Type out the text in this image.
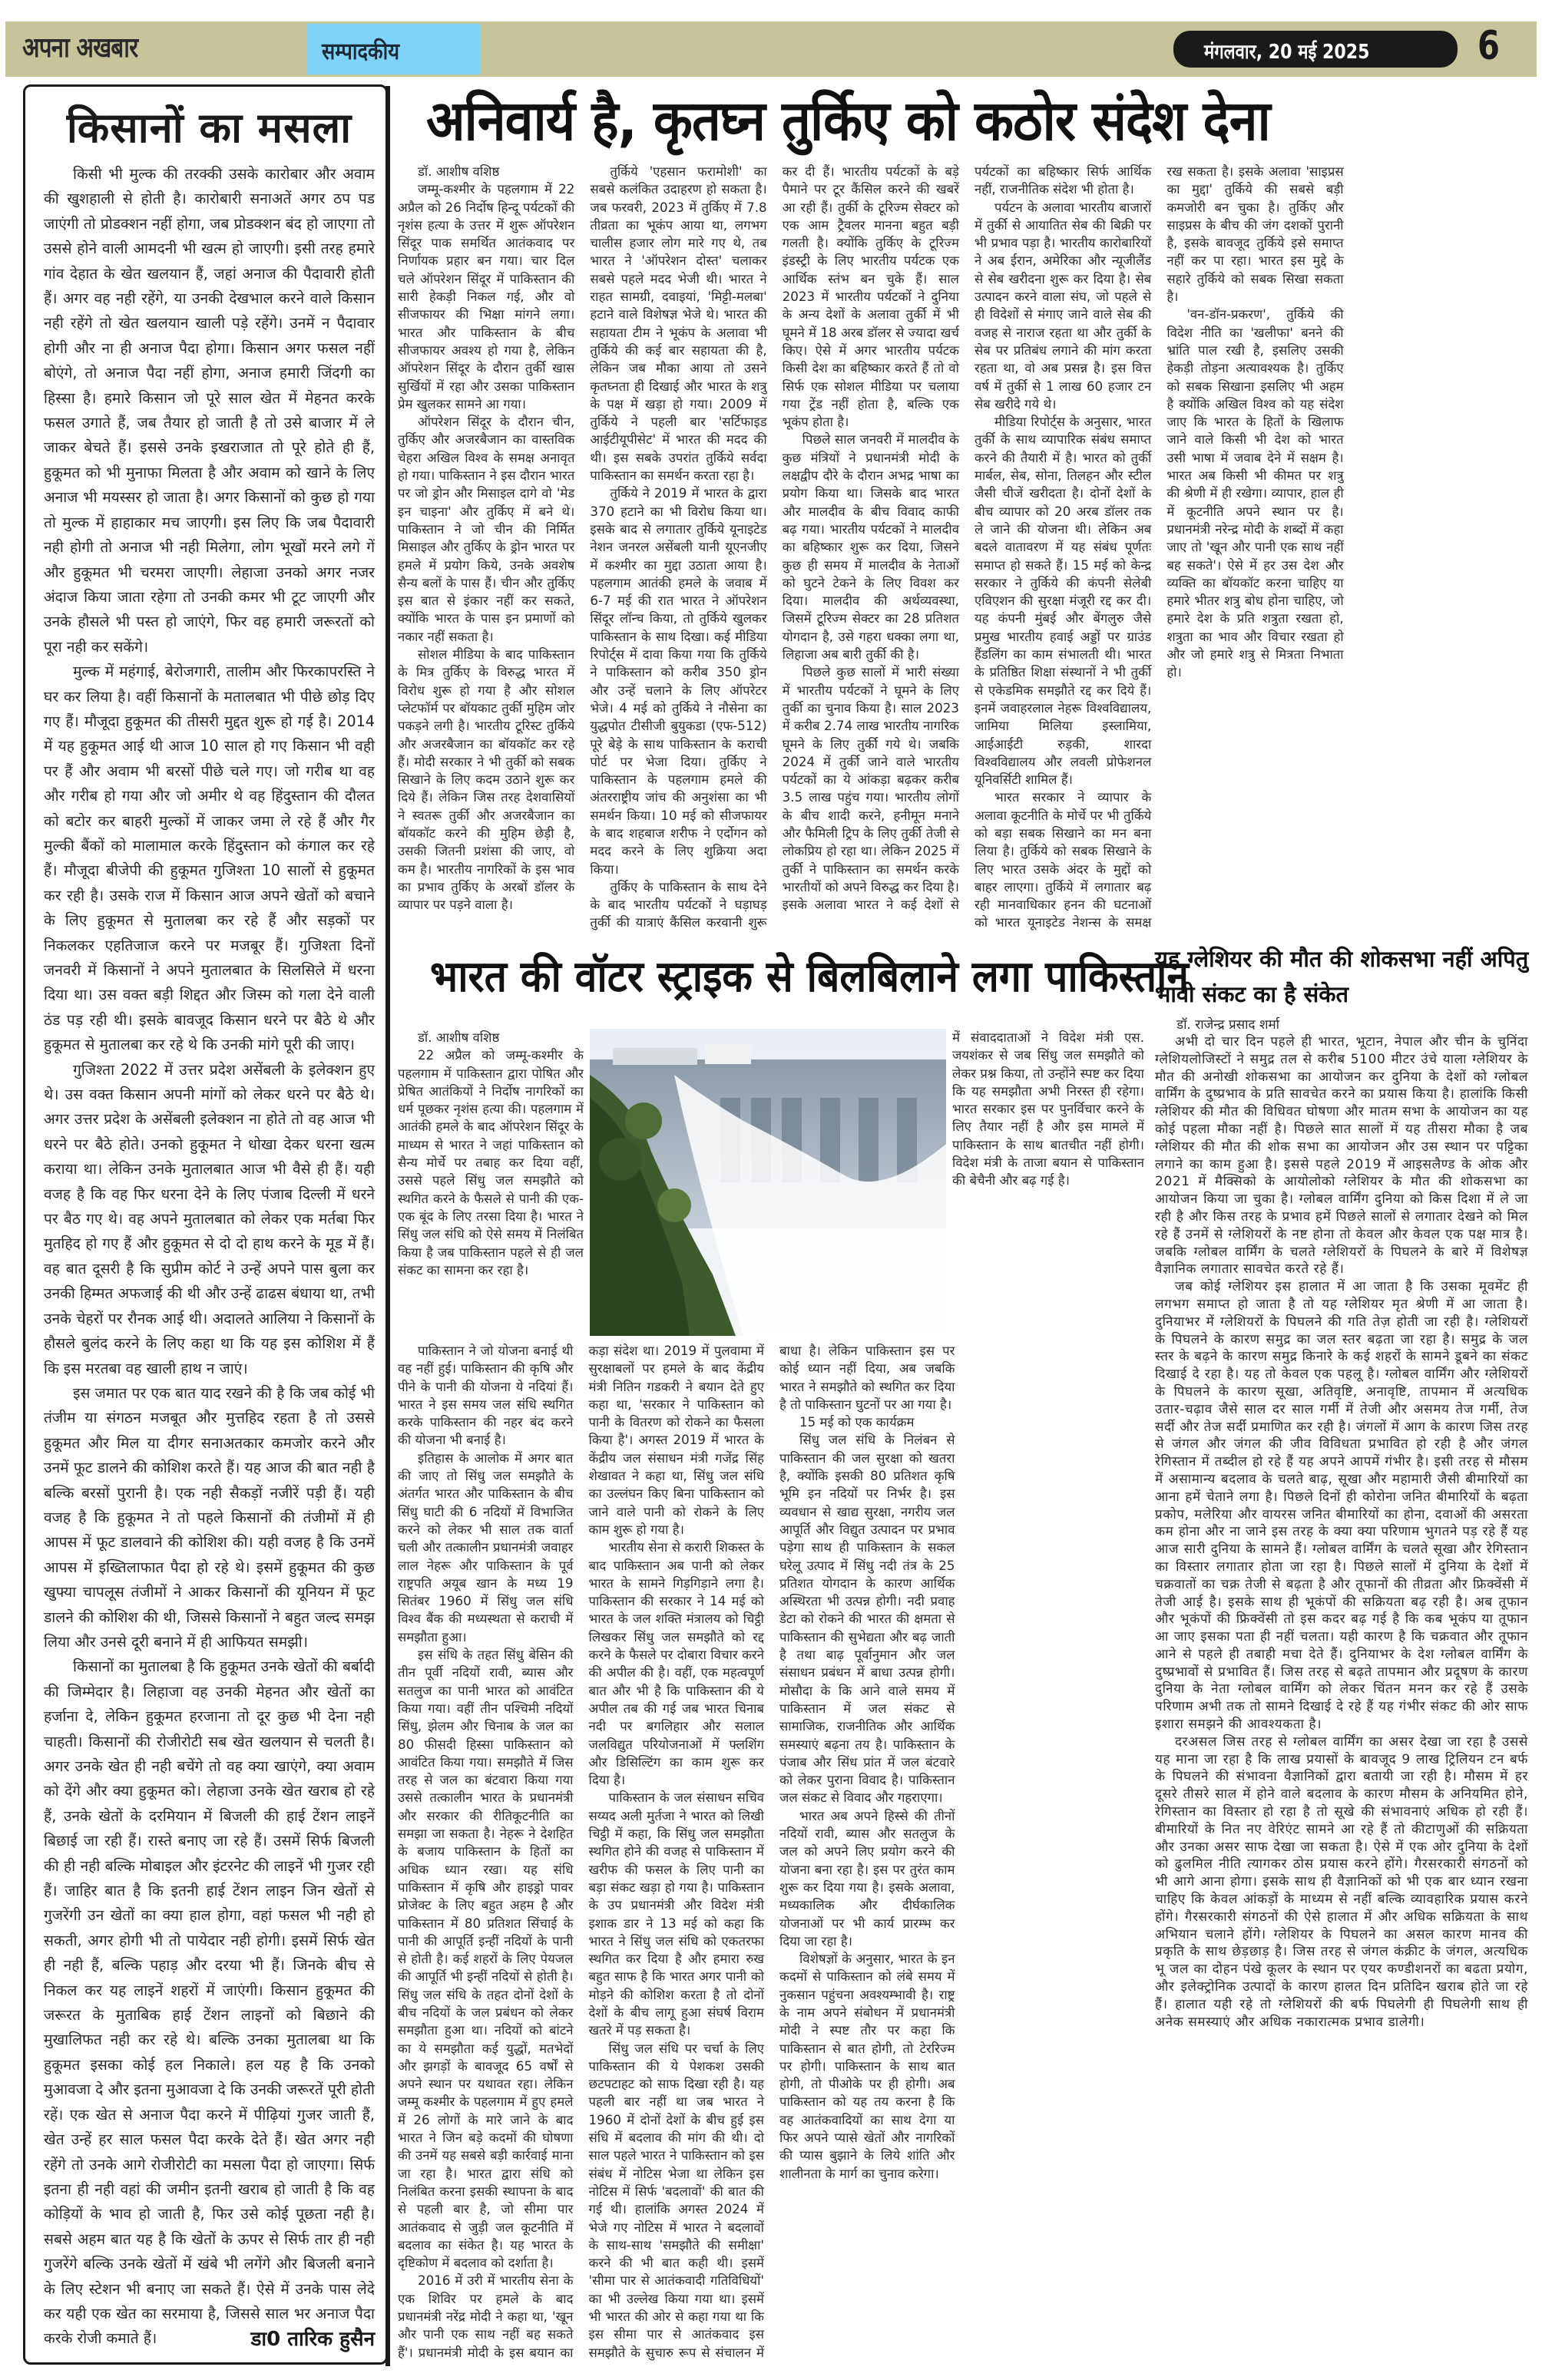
अपना अखबार	सम्पादकीय	मंगलवार, 20 मई 2025	6
किसानों का मसला

किसी भी मुल्क की तरक्की उसके कारोबार और अवाम की खुशहाली से होती है। कारोबारी सनाअतें अगर ठप पड जाएंगी तो प्रोडक्शन नहीं होगा, जब प्रोडक्शन बंद हो जाएगा तो उससे होने वाली आमदनी भी खत्म हो जाएगी। इसी तरह हमारे गांव देहात के खेत खलयान हैं, जहां अनाज की पैदावारी होती हैं। अगर वह नही रहेंगे, या उनकी देखभाल करने वाले किसान नही रहेंगे तो खेत खलयान खाली पड़े रहेंगे। उनमें न पैदावार होगी और ना ही अनाज पैदा होगा। किसान अगर फसल नहीं बोएंगे, तो अनाज पैदा नहीं होगा, अनाज हमारी जिंदगी का हिस्सा है। हमारे किसान जो पूरे साल खेत में मेहनत करके फसल उगाते हैं, जब तैयार हो जाती है तो उसे बाजार में ले जाकर बेचते हैं। इससे उनके इखराजात तो पूरे होते ही हैं, हुकूमत को भी मुनाफा मिलता है और अवाम को खाने के लिए अनाज भी मयस्सर हो जाता है। अगर किसानों को कुछ हो गया तो मुल्क में हाहाकार मच जाएगी। इस लिए कि जब पैदावारी नही होगी तो अनाज भी नही मिलेगा, लोग भूखों मरने लगे गें और हुकूमत भी चरमरा जाएगी। लेहाजा उनको अगर नजर अंदाज किया जाता रहेगा तो उनकी कमर भी टूट जाएगी और उनके हौसले भी पस्त हो जाएंगे, फिर वह हमारी जरूरतों को पूरा नही कर सकेंगे।

मुल्क में महंगाई, बेरोजगारी, तालीम और फिरकापरस्ति ने घर कर लिया है। वहीं किसानों के मतालबात भी पीछे छोड़ दिए गए हैं। मौजूदा हुकूमत की तीसरी मुद्दत शुरू हो गई है। 2014 में यह हुकूमत आई थी आज 10 साल हो गए किसान भी वही पर हैं और अवाम भी बरसों पीछे चले गए। जो गरीब था वह और गरीब हो गया और जो अमीर थे वह हिंदुस्तान की दौलत को बटोर कर बाहरी मुल्कों में जाकर जमा ले रहे हैं और गैर मुल्की बैंकों को मालामाल करके हिंदुस्तान को कंगाल कर रहे हैं। मौजूदा बीजेपी की हुकूमत गुजिश्ता 10 सालों से हुकूमत कर रही है। उसके राज में किसान आज अपने खेतों को बचाने के लिए हुकूमत से मुतालबा कर रहे हैं और सड़कों पर निकलकर एहतिजाज करने पर मजबूर हैं। गुजिश्ता दिनों जनवरी में किसानों ने अपने मुतालबात के सिलसिले में धरना दिया था। उस वक्त बड़ी शिद्दत और जिस्म को गला देने वाली ठंड पड़ रही थी। इसके बावजूद किसान धरने पर बैठे थे और हुकूमत से मुतालबा कर रहे थे कि उनकी मांगे पूरी की जाए।

गुजिश्ता 2022 में उत्तर प्रदेश असेंबली के इलेक्शन हुए थे। उस वक्त किसान अपनी मांगों को लेकर धरने पर बैठे थे। अगर उत्तर प्रदेश के असेंबली इलेक्शन ना होते तो वह आज भी धरने पर बैठे होते। उनको हुकूमत ने धोखा देकर धरना खत्म कराया था। लेकिन उनके मुतालबात आज भी वैसे ही हैं। यही वजह है कि वह फिर धरना देने के लिए पंजाब दिल्ली में धरने पर बैठ गए थे। वह अपने मुतालबात को लेकर एक मर्तबा फिर मुतहिद हो गए हैं और हुकूमत से दो दो हाथ करने के मूड में हैं। वह बात दूसरी है कि सुप्रीम कोर्ट ने उन्हें अपने पास बुला कर उनकी हिम्मत अफजाई की थी और उन्हें ढाढस बंधाया था, तभी उनके चेहरों पर रौनक आई थी। अदालते आलिया ने किसानों के हौसले बुलंद करने के लिए कहा था कि यह इस कोशिश में हैं कि इस मरतबा वह खाली हाथ न जाएं।

इस जमात पर एक बात याद रखने की है कि जब कोई भी तंजीम या संगठन मजबूत और मुत्तहिद रहता है तो उससे हुकूमत और मिल या दीगर सनाअतकार कमजोर करने और उनमें फूट डालने की कोशिश करते हैं। यह आज की बात नही है बल्कि बरसों पुरानी है। एक नही सैकड़ों नजीरें पड़ी हैं। यही वजह है कि हुकूमत ने तो पहले किसानों की तंजीमों में ही आपस में फूट डालवाने की कोशिश की। यही वजह है कि उनमें आपस में इख्तिलाफात पैदा हो रहे थे। इसमें हुकूमत की कुछ खुफ्या चापलूस तंजीमों ने आकर किसानों की यूनियन में फूट डालने की कोशिश की थी, जिससे किसानों ने बहुत जल्द समझ लिया और उनसे दूरी बनाने में ही आफियत समझी।

किसानों का मुतालबा है कि हुकूमत उनके खेतों की बर्बादी की जिम्मेदार है। लिहाजा वह उनकी मेहनत और खेतों का हर्जाना दे, लेकिन हुकूमत हरजाना तो दूर कुछ भी देना नही चाहती। किसानों की रोजीरोटी सब खेत खलयान से चलती है। अगर उनके खेत ही नही बचेंगे तो वह क्या खाएंगे, क्या अवाम को देंगे और क्या हुकूमत को। लेहाजा उनके खेत खराब हो रहे हैं, उनके खेतों के दरमियान में बिजली की हाई टेंशन लाइनें बिछाई जा रही हैं। रास्ते बनाए जा रहे हैं। उसमें सिर्फ बिजली की ही नही बल्कि मोबाइल और इंटरनेट की लाइनें भी गुजर रही हैं। जाहिर बात है कि इतनी हाई टेंशन लाइन जिन खेतों से गुजरेंगी उन खेतों का क्या हाल होगा, वहां फसल भी नही हो सकती, अगर होगी भी तो पायेदार नही होगी। इसमें सिर्फ खेत ही नही हैं, बल्कि पहाड़ और दरया भी हैं। जिनके बीच से निकल कर यह लाइनें शहरों में जाएंगी। किसान हुकूमत की जरूरत के मुताबिक हाई टेंशन लाइनों को बिछाने की मुखालिफत नही कर रहे थे। बल्कि उनका मुतालबा था कि हुकूमत इसका कोई हल निकाले। हल यह है कि उनको मुआवजा दे और इतना मुआवजा दे कि उनकी जरूरतें पूरी होती रहें। एक खेत से अनाज पैदा करने में पीढ़ियां गुजर जाती हैं, खेत उन्हें हर साल फसल पैदा करके देते हैं। खेत अगर नही रहेंगे तो उनके आगे रोजीरोटी का मसला पैदा हो जाएगा। सिर्फ इतना ही नही वहां की जमीन इतनी खराब हो जाती है कि वह कोड़ियों के भाव हो जाती है, फिर उसे कोई पूछता नही है। सबसे अहम बात यह है कि खेतों के ऊपर से सिर्फ तार ही नही गुजरेंगे बल्कि उनके खेतों में खंबे भी लगेंगे और बिजली बनाने के लिए स्टेशन भी बनाए जा सकते हैं। ऐसे में उनके पास लेदे कर यही एक खेत का सरमाया है, जिससे साल भर अनाज पैदा करके रोजी कमाते हैं।	डा0 तारिक हुसैन
अनिवार्य है, कृतघ्न तुर्किए को कठोर संदेश देना

डॉ. आशीष वशिष्ठ

जम्मू-कश्मीर के पहलगाम में 22 अप्रैल को 26 निर्दोष हिन्दू पर्यटकों की नृशंस हत्या के उत्तर में शुरू ऑपरेशन सिंदूर पाक समर्थित आतंकवाद पर निर्णायक प्रहार बन गया। चार दिल चले ऑपरेशन सिंदूर में पाकिस्तान की सारी हेकड़ी निकल गई, और वो सीजफायर की भिक्षा मांगने लगा। भारत और पाकिस्तान के बीच सीजफायर अवश्य हो गया है, लेकिन ऑपरेशन सिंदूर के दौरान तुर्की खास सुर्खियों में रहा और उसका पाकिस्तान प्रेम खुलकर सामने आ गया।

ऑपरेशन सिंदूर के दौरान चीन, तुर्किए और अजरबैजान का वास्तविक चेहरा अखिल विश्व के समक्ष अनावृत हो गया। पाकिस्तान ने इस दौरान भारत पर जो ड्रोन और मिसाइल दागे वो 'मेड इन चाइना' और तुर्किए में बने थे। पाकिस्तान ने जो चीन की निर्मित मिसाइल और तुर्किए के ड्रोन भारत पर हमले में प्रयोग किये, उनके अवशेष सैन्य बलों के पास हैं। चीन और तुर्किए इस बात से इंकार नहीं कर सकते, क्योंकि भारत के पास इन प्रमाणों को नकार नहीं सकता है।

सोशल मीडिया के बाद पाकिस्तान के मित्र तुर्किए के विरुद्ध भारत में विरोध शुरू हो गया है और सोशल प्लेटफॉर्म पर बॉयकाट तुर्की मुहिम जोर पकड़ने लगी है। भारतीय टूरिस्ट तुर्किये और अजरबैजान का बॉयकॉट कर रहे हैं। मोदी सरकार ने भी तुर्की को सबक सिखाने के लिए कदम उठाने शुरू कर दिये हैं। लेकिन जिस तरह देशवासियों ने स्वतरू तुर्की और अजरबैजान का बॉयकॉट करने की मुहिम छेड़ी है, उसकी जितनी प्रशंसा की जाए, वो कम है। भारतीय नागरिकों के इस भाव का प्रभाव तुर्किए के अरबों डॉलर के व्यापार पर पड़ने वाला है।

तुर्किये 'एहसान फरामोशी' का सबसे कलंकित उदाहरण हो सकता है। जब फरवरी, 2023 में तुर्किए में 7.8 तीव्रता का भूकंप आया था, लगभग चालीस हजार लोग मारे गए थे, तब भारत ने 'ऑपरेशन दोस्त' चलाकर सबसे पहले मदद भेजी थी। भारत ने राहत सामग्री, दवाइयां, 'मिट्टी-मलबा' हटाने वाले विशेषज्ञ भेजे थे। भारत की सहायता टीम ने भूकंप के अलावा भी तुर्किये की कई बार सहायता की है, लेकिन जब मौका आया तो उसने कृतघ्नता ही दिखाई और भारत के शत्रु के पक्ष में खड़ा हो गया। 2009 में तुर्किये ने पहली बार 'सर्टिफाइड आईटीयूपीसेट' में भारत की मदद की थी। इस सबके उपरांत तुर्किये सर्वदा पाकिस्तान का समर्थन करता रहा है।

तुर्किये ने 2019 में भारत के द्वारा 370 हटाने का भी विरोध किया था। इसके बाद से लगातार तुर्किये यूनाइटेड नेशन जनरल असेंबली यानी यूएनजीए में कश्मीर का मुद्दा उठाता आया है। पहलगाम आतंकी हमले के जवाब में 6-7 मई की रात भारत ने ऑपरेशन सिंदूर लॉन्च किया, तो तुर्किये खुलकर पाकिस्तान के साथ दिखा। कई मीडिया रिपोर्ट्स में दावा किया गया कि तुर्किये ने पाकिस्तान को करीब 350 ड्रोन और उन्हें चलाने के लिए ऑपरेटर भेजे। 4 मई को तुर्किये ने नौसेना का युद्धपोत टीसीजी बुयुकडा (एफ-512) पूरे बेड़े के साथ पाकिस्तान के कराची पोर्ट पर भेजा दिया। तुर्किए ने पाकिस्तान के पहलगाम हमले की अंतरराष्ट्रीय जांच की अनुशंसा का भी समर्थन किया। 10 मई को सीजफायर के बाद शहबाज शरीफ ने एर्दोगन को मदद करने के लिए शुक्रिया अदा किया।

तुर्किए के पाकिस्तान के साथ देने के बाद भारतीय पर्यटकों ने घड़ाघड़ तुर्की की यात्राएं कैंसिल करवानी शुरू कर दी हैं। भारतीय पर्यटकों के बड़े पैमाने पर टूर कैंसिल करने की खबरें आ रही हैं। तुर्की के टूरिज्म सेक्टर को एक आम ट्रैवलर मानना बहुत बड़ी गलती है। क्योंकि तुर्किए के टूरिज्म इंडस्ट्री के लिए भारतीय पर्यटक एक आर्थिक स्तंभ बन चुके हैं। साल 2023 में भारतीय पर्यटकों ने दुनिया के अन्य देशों के अलावा तुर्की में भी घूमने में 18 अरब डॉलर से ज्यादा खर्च किए। ऐसे में अगर भारतीय पर्यटक किसी देश का बहिष्कार करते हैं तो वो सिर्फ एक सोशल मीडिया पर चलाया गया ट्रेंड नहीं होता है, बल्कि एक भूकंप होता है।

पिछले साल जनवरी में मालदीव के कुछ मंत्रियों ने प्रधानमंत्री मोदी के लक्षद्वीप दौरे के दौरान अभद्र भाषा का प्रयोग किया था। जिसके बाद भारत और मालदीव के बीच विवाद काफी बढ़ गया। भारतीय पर्यटकों ने मालदीव का बहिष्कार शुरू कर दिया, जिसने कुछ ही समय में मालदीव के नेताओं को घुटने टेकने के लिए विवश कर दिया। मालदीव की अर्थव्यवस्था, जिसमें टूरिज्म सेक्टर का 28 प्रतिशत योगदान है, उसे गहरा धक्का लगा था, लिहाजा अब बारी तुर्की की है।

पिछले कुछ सालों में भारी संख्या में भारतीय पर्यटकों ने घूमने के लिए तुर्की का चुनाव किया है। साल 2023 में करीब 2.74 लाख भारतीय नागरिक घूमने के लिए तुर्की गये थे। जबकि 2024 में तुर्की जाने वाले भारतीय पर्यटकों का ये आंकड़ा बढ़कर करीब 3.5 लाख पहुंच गया। भारतीय लोगों के बीच शादी करने, हनीमून मनाने और फैमिली ट्रिप के लिए तुर्की तेजी से लोकप्रिय हो रहा था। लेकिन 2025 में तुर्की ने पाकिस्तान का समर्थन करके भारतीयों को अपने विरुद्ध कर दिया है। इसके अलावा भारत ने कई देशों से पर्यटकों का बहिष्कार सिर्फ आर्थिक नहीं, राजनीतिक संदेश भी होता है।

पर्यटन के अलावा भारतीय बाजारों में तुर्की से आयातित सेब की बिक्री पर भी प्रभाव पड़ा है। भारतीय कारोबारियों ने अब ईरान, अमेरिका और न्यूजीलैंड से सेब खरीदना शुरू कर दिया है। सेब उत्पादन करने वाला संघ, जो पहले से ही विदेशों से मंगाए जाने वाले सेब की वजह से नाराज रहता था और तुर्की के सेब पर प्रतिबंध लगाने की मांग करता रहता था, वो अब प्रसन्न है। इस वित्त वर्ष में तुर्की से 1 लाख 60 हजार टन सेब खरीदे गये थे।

मीडिया रिपोर्ट्स के अनुसार, भारत तुर्की के साथ व्यापारिक संबंध समाप्त करने की तैयारी में है। भारत को तुर्की मार्बल, सेब, सोना, तिलहन और स्टील जैसी चीजें खरीदता है। दोनों देशों के बीच व्यापार को 20 अरब डॉलर तक ले जाने की योजना थी। लेकिन अब बदले वातावरण में यह संबंध पूर्णतः समाप्त हो सकते हैं। 15 मई को केन्द्र सरकार ने तुर्किये की कंपनी सेलेबी एविएशन की सुरक्षा मंजूरी रद्द कर दी। यह कंपनी मुंबई और बेंगलुरु जैसे प्रमुख भारतीय हवाई अड्डों पर ग्राउंड हैंडलिंग का काम संभालती थी। भारत के प्रतिष्ठित शिक्षा संस्थानों ने भी तुर्की से एकेडमिक समझौते रद्द कर दिये हैं। इनमें जवाहरलाल नेहरू विश्वविद्यालय, जामिया मिलिया इस्लामिया, आईआईटी रुड़की, शारदा विश्वविद्यालय और लवली प्रोफेशनल यूनिवर्सिटी शामिल हैं।

भारत सरकार ने व्यापार के अलावा कूटनीति के मोर्चे पर भी तुर्किये को बड़ा सबक सिखाने का मन बना लिया है। तुर्किये को सबक सिखाने के लिए भारत उसके अंदर के मुद्दों को बाहर लाएगा। तुर्किये में लगातार बढ़ रही मानवाधिकार हनन की घटनाओं को भारत यूनाइटेड नेशन्स के समक्ष रख सकता है। इसके अलावा 'साइप्रस का मुद्दा' तुर्किये की सबसे बड़ी कमजोरी बन चुका है। तुर्किए और साइप्रस के बीच की जंग दशकों पुरानी है, इसके बावजूद तुर्किये इसे समाप्त नहीं कर पा रहा। भारत इस मुद्दे के सहारे तुर्किये को सबक सिखा सकता है।

'वन-डॉन-प्रकरण', तुर्किये की विदेश नीति का 'खलीफा' बनने की भ्रांति पाल रखी है, इसलिए उसकी हेकड़ी तोड़ना अत्यावश्यक है। तुर्किए को सबक सिखाना इसलिए भी अहम है क्योंकि अखिल विश्व को यह संदेश जाए कि भारत के हितों के खिलाफ जाने वाले किसी भी देश को भारत उसी भाषा में जवाब देने में सक्षम है। भारत अब किसी भी कीमत पर शत्रु की श्रेणी में ही रखेगा। व्यापार, हाल ही में कूटनीति अपने स्थान पर है। प्रधानमंत्री नरेन्द्र मोदी के शब्दों में कहा जाए तो 'खून और पानी एक साथ नहीं बह सकते'। ऐसे में हर उस देश और व्यक्ति का बॉयकॉट करना चाहिए या हमारे भीतर शत्रु बोध होना चाहिए, जो हमारे देश के प्रति शत्रुता रखता हो, शत्रुता का भाव और विचार रखता हो और जो हमारे शत्रु से मित्रता निभाता हो।

भारत की वॉटर स्ट्राइक से बिलबिलाने लगा पाकिस्तान

डॉ. आशीष वशिष्ठ

22 अप्रैल को जम्मू-कश्मीर के पहलगाम में पाकिस्तान द्वारा पोषित और प्रेषित आतंकियों ने निर्दोष नागरिकों का धर्म पूछकर नृशंस हत्या की। पहलगाम में आतंकी हमले के बाद ऑपरेशन सिंदूर के माध्यम से भारत ने जहां पाकिस्तान को सैन्य मोर्चे पर तबाह कर दिया वहीं, उससे पहले सिंधु जल समझौते को स्थगित करने के फैसले से पानी की एक-एक बूंद के लिए तरसा दिया है। भारत ने सिंधु जल संधि को ऐसे समय में निलंबित किया है जब पाकिस्तान पहले से ही जल संकट का सामना कर रहा है।

में संवाददाताओं ने विदेश मंत्री एस. जयशंकर से जब सिंधु जल समझौते को लेकर प्रश्न किया, तो उन्होंने स्पष्ट कर दिया कि यह समझौता अभी निरस्त ही रहेगा। भारत सरकार इस पर पुनर्विचार करने के लिए तैयार नहीं है और इस मामले में पाकिस्तान के साथ बातचीत नहीं होगी। विदेश मंत्री के ताजा बयान से पाकिस्तान की बेचैनी और बढ़ गई है।

पाकिस्तान ने जो योजना बनाई थी वह नहीं हुई। पाकिस्तान की कृषि और पीने के पानी की योजना ये नदियां हैं। भारत ने इस समय जल संधि स्थगित करके पाकिस्तान की नहर बंद करने की योजना भी बनाई है।

इतिहास के आलोक में अगर बात की जाए तो सिंधु जल समझौते के अंतर्गत भारत और पाकिस्तान के बीच सिंधु घाटी की 6 नदियों में विभाजित करने को लेकर भी साल तक वार्ता चली और तत्कालीन प्रधानमंत्री जवाहर लाल नेहरू और पाकिस्तान के पूर्व राष्ट्रपति अयूब खान के मध्य 19 सितंबर 1960 में सिंधु जल संधि विश्व बैंक की मध्यस्थता से कराची में समझौता हुआ।

इस संधि के तहत सिंधु बेसिन की तीन पूर्वी नदियों रावी, ब्यास और सतलुज का पानी भारत को आवंटित किया गया। वहीं तीन पश्चिमी नदियों सिंधु, झेलम और चिनाब के जल का 80 फीसदी हिस्सा पाकिस्तान को आवंटित किया गया। समझौते में जिस तरह से जल का बंटवारा किया गया उससे तत्कालीन भारत के प्रधानमंत्री और सरकार की रीतिकूटनीति का समझा जा सकता है। नेहरू ने देशहित के बजाय पाकिस्तान के हितों का अधिक ध्यान रखा। यह संधि पाकिस्तान में कृषि और हाइड्रो पावर प्रोजेक्ट के लिए बहुत अहम है और पाकिस्तान में 80 प्रतिशत सिंचाई के पानी की आपूर्ति इन्हीं नदियों के पानी से होती है। कई शहरों के लिए पेयजल की आपूर्ति भी इन्हीं नदियों से होती है। सिंधु जल संधि के तहत दोनों देशों के बीच नदियों के जल प्रबंधन को लेकर समझौता हुआ था। नदियों को बांटने का ये समझौता कई युद्धों, मतभेदों और झगड़ों के बावजूद 65 वर्षों से अपने स्थान पर यथावत रहा। लेकिन जम्मू कश्मीर के पहलगाम में हुए हमले में 26 लोगों के मारे जाने के बाद भारत ने जिन बड़े कदमों की घोषणा की उनमें यह सबसे बड़ी कार्रवाई माना जा रहा है। भारत द्वारा संधि को निलंबित करना इसकी स्थापना के बाद से पहली बार है, जो सीमा पार आतंकवाद से जुड़ी जल कूटनीति में बदलाव का संकेत है। यह भारत के दृष्टिकोण में बदलाव को दर्शाता है।

2016 में उरी में भारतीय सेना के एक शिविर पर हमले के बाद प्रधानमंत्री नरेंद्र मोदी ने कहा था, 'खून और पानी एक साथ नहीं बह सकते हैं'। प्रधानमंत्री मोदी के इस बयान का कड़ा संदेश था। 2019 में पुलवामा में सुरक्षाबलों पर हमले के बाद केंद्रीय मंत्री नितिन गडकरी ने बयान देते हुए कहा था, 'सरकार ने पाकिस्तान को पानी के वितरण को रोकने का फैसला किया है'। अगस्त 2019 में भारत के केंद्रीय जल संसाधन मंत्री गजेंद्र सिंह शेखावत ने कहा था, सिंधु जल संधि का उल्लंघन किए बिना पाकिस्तान को जाने वाले पानी को रोकने के लिए काम शुरू हो गया है।

भारतीय सेना से करारी शिकस्त के बाद पाकिस्तान अब पानी को लेकर भारत के सामने गिड़गिड़ाने लगा है। पाकिस्तान की सरकार ने 14 मई को भारत के जल शक्ति मंत्रालय को चिट्ठी लिखकर सिंधु जल समझौते को रद्द करने के फैसले पर दोबारा विचार करने की अपील की है। वहीं, एक महत्वपूर्ण बात और भी है कि पाकिस्तान की ये अपील तब की गई जब भारत चिनाब नदी पर बगलिहार और सलाल जलविद्युत परियोजनाओं में फ्लशिंग और डिसिल्टिंग का काम शुरू कर दिया है।

पाकिस्तान के जल संसाधन सचिव सय्यद अली मुर्तजा ने भारत को लिखी चिट्ठी में कहा, कि सिंधु जल समझौता स्थगित होने की वजह से पाकिस्तान में खरीफ की फसल के लिए पानी का बड़ा संकट खड़ा हो गया है। पाकिस्तान के उप प्रधानमंत्री और विदेश मंत्री इशाक डार ने 13 मई को कहा कि भारत ने सिंधु जल संधि को एकतरफा स्थगित कर दिया है और हमारा रुख बहुत साफ है कि भारत अगर पानी को मोड़ने की कोशिश करता है तो दोनों देशों के बीच लागू हुआ संघर्ष विराम खतरे में पड़ सकता है।

सिंधु जल संधि पर चर्चा के लिए पाकिस्तान की ये पेशकश उसकी छटपटाहट को साफ दिखा रही है। यह पहली बार नहीं था जब भारत ने 1960 में दोनों देशों के बीच हुई इस संधि में बदलाव की मांग की थी। दो साल पहले भारत ने पाकिस्तान को इस संबंध में नोटिस भेजा था लेकिन इस नोटिस में सिर्फ 'बदलावों' की बात की गई थी। हालांकि अगस्त 2024 में भेजे गए नोटिस में भारत ने बदलावों के साथ-साथ 'समझौते की समीक्षा' करने की भी बात कही थी। इसमें 'सीमा पार से आतंकवादी गतिविधियों' का भी उल्लेख किया गया था। इसमें भी भारत की ओर से कहा गया था कि इस सीमा पार से आतंकवाद इस समझौते के सुचारु रूप से संचालन में बाधा है। लेकिन पाकिस्तान इस पर कोई ध्यान नहीं दिया, अब जबकि भारत ने समझौते को स्थगित कर दिया है तो पाकिस्तान घुटनों पर आ गया है।

15 मई को एक कार्यक्रम

सिंधु जल संधि के निलंबन से पाकिस्तान की जल सुरक्षा को खतरा है, क्योंकि इसकी 80 प्रतिशत कृषि भूमि इन नदियों पर निर्भर है। इस व्यवधान से खाद्य सुरक्षा, नगरीय जल आपूर्ति और विद्युत उत्पादन पर प्रभाव पड़ेगा साथ ही पाकिस्तान के सकल घरेलू उत्पाद में सिंधु नदी तंत्र के 25 प्रतिशत योगदान के कारण आर्थिक अस्थिरता भी उत्पन्न होगी। नदी प्रवाह डेटा को रोकने की भारत की क्षमता से पाकिस्तान की सुभेद्यता और बढ़ जाती है तथा बाढ़ पूर्वानुमान और जल संसाधन प्रबंधन में बाधा उत्पन्न होगी। मोसौदा के कि आने वाले समय में पाकिस्तान में जल संकट से सामाजिक, राजनीतिक और आर्थिक समस्याएं बढ़ना तय है। पाकिस्तान के पंजाब और सिंध प्रांत में जल बंटवारे को लेकर पुराना विवाद है। पाकिस्तान जल संकट से विवाद और गहराएगा।

भारत अब अपने हिस्से की तीनों नदियों रावी, ब्यास और सतलुज के जल को अपने लिए प्रयोग करने की योजना बना रहा है। इस पर तुरंत काम शुरू कर दिया गया है। इसके अलावा, मध्यकालिक और दीर्घकालिक योजनाओं पर भी कार्य प्रारम्भ कर दिया जा रहा है।

विशेषज्ञों के अनुसार, भारत के इन कदमों से पाकिस्तान को लंबे समय में नुकसान पहुंचना अवश्यम्भावी है। राष्ट्र के नाम अपने संबोधन में प्रधानमंत्री मोदी ने स्पष्ट तौर पर कहा कि पाकिस्तान से बात होगी, तो टेररिज्म पर होगी। पाकिस्तान के साथ बात होगी, तो पीओके पर ही होगी। अब पाकिस्तान को यह तय करना है कि वह आतंकवादियों का साथ देगा या फिर अपने प्यासे खेतों और नागरिकों की प्यास बुझाने के लिये शांति और शालीनता के मार्ग का चुनाव करेगा।

यह ग्लेशियर की मौत की शोकसभा नहीं अपितु भावी संकट का है संकेत
डॉ. राजेन्द्र प्रसाद शर्मा

अभी दो चार दिन पहले ही भारत, भूटान, नेपाल और चीन के चुनिंदा ग्लेशियलोजिस्टों ने समुद्र तल से करीब 5100 मीटर उंचे याला ग्लेशियर के मौत की अनोखी शोकसभा का आयोजन कर दुनिया के देशों को ग्लोबल वार्मिंग के दुष्प्रभाव के प्रति सावचेत करने का प्रयास किया है। हालांकि किसी ग्लेशियर की मौत की विधिवत घोषणा और मातम सभा के आयोजन का यह कोई पहला मौका नहीं है। पिछले सात सालों में यह तीसरा मौका है जब ग्लेशियर की मौत की शोक सभा का आयोजन और उस स्थान पर पट्टिका लगाने का काम हुआ है। इससे पहले 2019 में आइसलैण्ड के ओक और 2021 में मैक्सिको के आयोलोको ग्लेशियर के मौत की शोकसभा का आयोजन किया जा चुका है। ग्लोबल वार्मिंग दुनिया को किस दिशा में ले जा रही है और किस तरह के प्रभाव हमें पिछले सालों से लगातार देखने को मिल रहे हैं उनमें से ग्लेशियरों के नष्ट होना तो केवल और केवल एक पक्ष मात्र है। जबकि ग्लोबल वार्मिंग के चलते ग्लेशियरों के पिघलने के बारे में विशेषज्ञ वैज्ञानिक लगातार सावचेत करते रहे हैं।

जब कोई ग्लेशियर इस हालात में आ जाता है कि उसका मूवमेंट ही लगभग समाप्त हो जाता है तो यह ग्लेशियर मृत श्रेणी में आ जाता है। दुनियाभर में ग्लेशियरों के पिघलने की गति तेज़ होती जा रही है। ग्लेशियरों के पिघलने के कारण समुद्र का जल स्तर बढ़ता जा रहा है। समुद्र के जल स्तर के बढ़ने के कारण समुद्र किनारे के कई शहरों के सामने डूबने का संकट दिखाई दे रहा है। यह तो केवल एक पहलू है। ग्लोबल वार्मिंग और ग्लेशियरों के पिघलने के कारण सूखा, अतिवृष्टि, अनावृष्टि, तापमान में अत्यधिक उतार-चढ़ाव जैसे साल दर साल गर्मी में तेजी और असमय तेज गर्मी, तेज सर्दी और तेज सर्दी प्रमाणित कर रही है। जंगलों में आग के कारण जिस तरह से जंगल और जंगल की जीव विविधता प्रभावित हो रही है और जंगल रेगिस्तान में तब्दील हो रहे हैं यह अपने आपमें गंभीर है। इसी तरह से मौसम में असामान्य बदलाव के चलते बाढ़, सूखा और महामारी जैसी बीमारियों का आना हमें चेताने लगा है। पिछले दिनों ही कोरोना जनित बीमारियों के बढ़ता प्रकोप, मलेरिया और वायरस जनित बीमारियों का होना, दवाओं की असरता कम होना और ना जाने इस तरह के क्या क्या परिणाम भुगतने पड़ रहे हैं यह आज सारी दुनिया के सामने हैं। ग्लोबल वार्मिंग के चलते सूखा और रेगिस्तान का विस्तार लगातार होता जा रहा है। पिछले सालों में दुनिया के देशों में चक्रवातों का चक्र तेजी से बढ़ता है और तूफानों की तीव्रता और फ्रिक्वेंसी में तेजी आई है। इसके साथ ही भूकंपों की सक्रियता बढ़ रही है। अब तूफान और भूकंपों की फ्रिक्वेंसी तो इस कदर बढ़ गई है कि कब भूकंप या तूफान आ जाए इसका पता ही नहीं चलता। यही कारण है कि चक्रवात और तूफान आने से पहले ही तबाही मचा देते हैं। दुनियाभर के देश ग्लोबल वार्मिंग के दुष्प्रभावों से प्रभावित हैं। जिस तरह से बढ़ते तापमान और प्रदूषण के कारण दुनिया के नेता ग्लोबल वार्मिंग को लेकर चिंतन मनन कर रहे हैं उसके परिणाम अभी तक तो सामने दिखाई दे रहे हैं यह गंभीर संकट की ओर साफ इशारा समझने की आवश्यकता है।

दरअसल जिस तरह से ग्लोबल वार्मिंग का असर देखा जा रहा है उससे यह माना जा रहा है कि लाख प्रयासों के बावजूद 9 लाख ट्रिलियन टन बर्फ के पिघलने की संभावना वैज्ञानिकों द्वारा बतायी जा रही है। मौसम में हर दूसरे तीसरे साल में होने वाले बदलाव के कारण मौसम के अनियमित होने, रेगिस्तान का विस्तार हो रहा है तो सूखे की संभावनाएं अधिक हो रही हैं। बीमारियों के नित नए वेरिएंट सामने आ रहे हैं तो कीटाणुओं की सक्रियता और उनका असर साफ देखा जा सकता है। ऐसे में एक ओर दुनिया के देशों को ढुलमिल नीति त्यागकर ठोस प्रयास करने होंगे। गैरसरकारी संगठनों को भी आगे आना होगा। इसके साथ ही वैज्ञानिकों को भी एक बार ध्यान रखना चाहिए कि केवल आंकड़ों के माध्यम से नहीं बल्कि व्यावहारिक प्रयास करने होंगे। गैरसरकारी संगठनों की ऐसे हालात में और अधिक सक्रियता के साथ अभियान चलाने होंगे। ग्लेशियर के पिघलने का असल कारण मानव की प्रकृति के साथ छेड़छाड़ है। जिस तरह से जंगल कंक्रीट के जंगल, अत्यधिक भू जल का दोहन पंखे कूलर के स्थान पर एयर कण्डीशनरों का बढता प्रयोग, और इलेक्ट्रोनिक उत्पादों के कारण हालत दिन प्रतिदिन खराब होते जा रहे हैं। हालात यही रहे तो ग्लेशियरों की बर्फ पिघलेगी ही पिघलेगी साथ ही अनेक समस्याएं और अधिक नकारात्मक प्रभाव डालेगी।
